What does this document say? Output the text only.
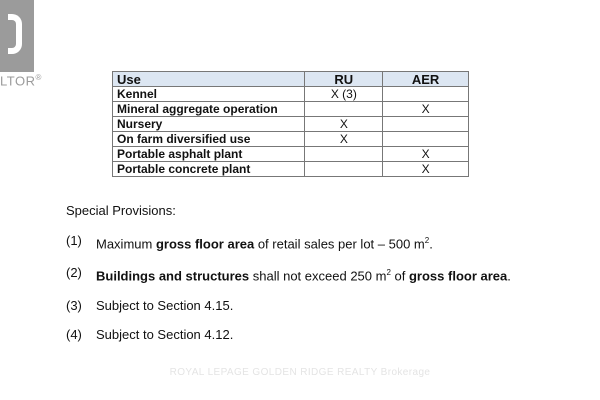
LTOR®	Use	RU	AER
Kennel	X (3)	
Mineral aggregate operation		X
Nursery	X	
On farm diversified use	X	
Portable asphalt plant		X
Portable concrete plant		X
Special Provisions:
(1)	Maximum gross floor area of retail sales per lot – 500 $m^2$.
(2)	Buildings and structures shall not exceed 250 $m^2$ of gross floor area.
(3)	Subject to Section 4.15.
(4)	Subject to Section 4.12.
ROYAL LEPAGE GOLDEN RIDGE REALTY Brokerage
